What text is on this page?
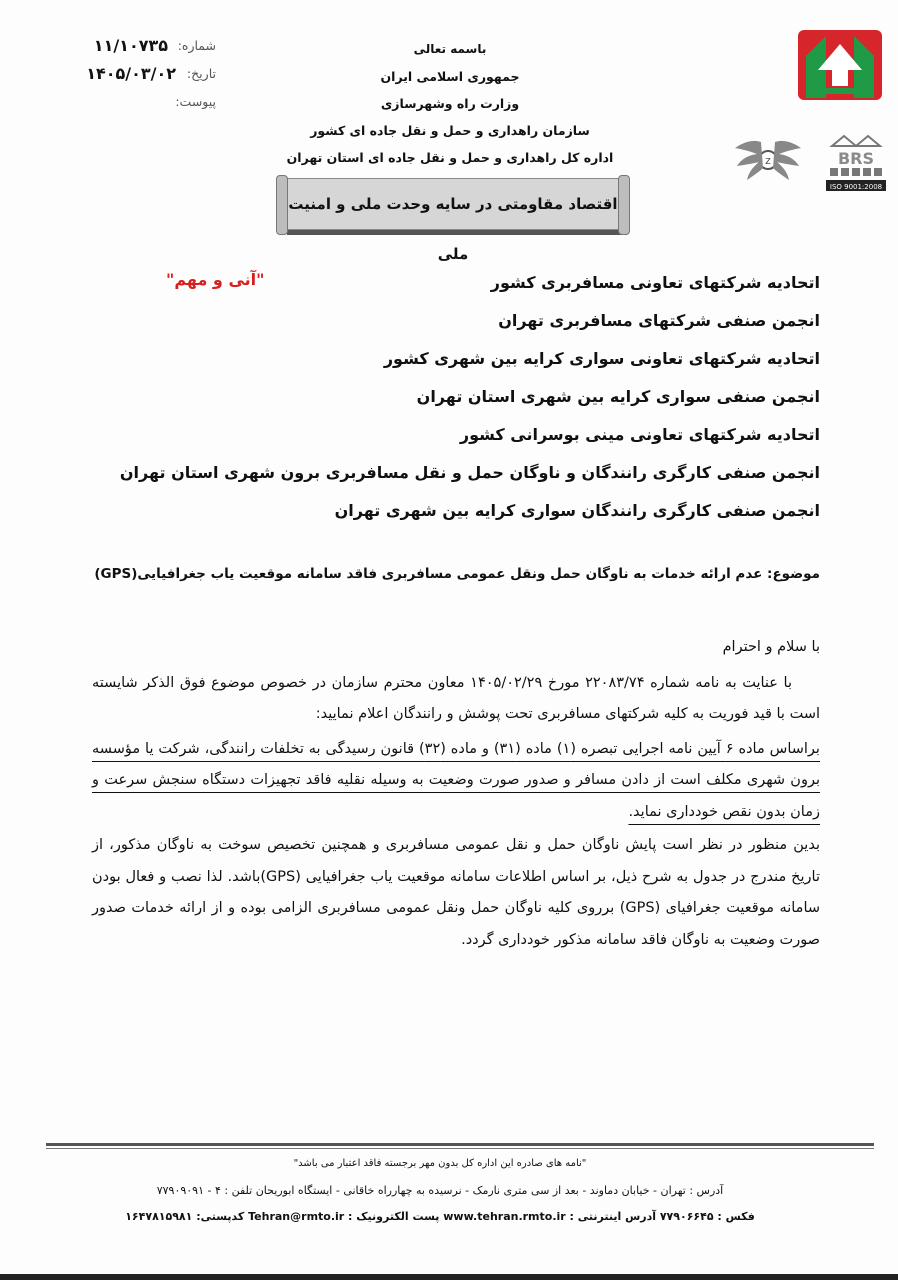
Z	BRS
ISO 9001:2008
باسمه تعالی
جمهوری اسلامی ایران
وزارت راه وشهرسازی
سازمان راهداری و حمل و نقل جاده ای کشور
اداره کل راهداری و حمل و نقل جاده ای استان تهران
شماره:
۱۱/۱۰۷۳۵
تاریخ:
۱۴۰۵/۰۳/۰۲
پیوست:
اقتصاد مقاومتی در سایه وحدت ملی و امنیت ملی
"آنی و مهم"	اتحادیه شرکتهای تعاونی مسافربری کشور
انجمن صنفی شرکتهای مسافربری تهران
اتحادیه شرکتهای تعاونی سواری کرایه بین شهری کشور
انجمن صنفی سواری کرایه بین شهری استان تهران
اتحادیه شرکتهای تعاونی مینی بوسرانی کشور
انجمن صنفی کارگری رانندگان و ناوگان حمل و نقل مسافربری برون شهری استان تهران
انجمن صنفی کارگری رانندگان سواری کرایه بین شهری تهران
موضوع: عدم ارائه خدمات به ناوگان حمل ونقل عمومی مسافربری فاقد سامانه موقعیت یاب جغرافیایی(GPS)

با سلام و احترام

با عنایت به نامه شماره ۲۲۰۸۳/۷۴ مورخ ۱۴۰۵/۰۲/۲۹ معاون محترم سازمان در خصوص موضوع فوق الذکر شایسته است با قید فوریت به کلیه شرکتهای مسافربری تحت پوشش و رانندگان اعلام نمایید:

براساس ماده ۶ آیین نامه اجرایی تبصره (۱) ماده (۳۱) و ماده (۳۲) قانون رسیدگی به تخلفات رانندگی، شرکت یا مؤسسه برون شهری مکلف است از دادن مسافر و صدور صورت وضعیت به وسیله نقلیه فاقد تجهیزات دستگاه سنجش سرعت و زمان بدون نقص خودداری نماید.

بدین منظور در نظر است پایش ناوگان حمل و نقل عمومی مسافربری و همچنین تخصیص سوخت به ناوگان مذکور، از تاریخ مندرج در جدول به شرح ذیل، بر اساس اطلاعات سامانه موقعیت یاب جغرافیایی (GPS)باشد. لذا نصب و فعال بودن سامانه موقعیت جغرافیای (GPS) برروی کلیه ناوگان حمل ونقل عمومی مسافربری الزامی بوده و از ارائه خدمات صدور صورت وضعیت به ناوگان فاقد سامانه مذکور خودداری گردد.

"نامه های صادره این اداره کل بدون مهر برجسته فاقد اعتبار می باشد"
آدرس : تهران - خیابان دماوند - بعد از سی متری نارمک - نرسیده به چهارراه خاقانی - ایستگاه ابوریحان تلفن : ۴ - ۷۷۹۰۹۰۹۱
فکس : ۷۷۹۰۶۶۴۵ آدرس اینترنتی : www.tehran.rmto.ir پست الکترونیک : Tehran@rmto.ir کدپستی: ۱۶۴۷۸۱۵۹۸۱
